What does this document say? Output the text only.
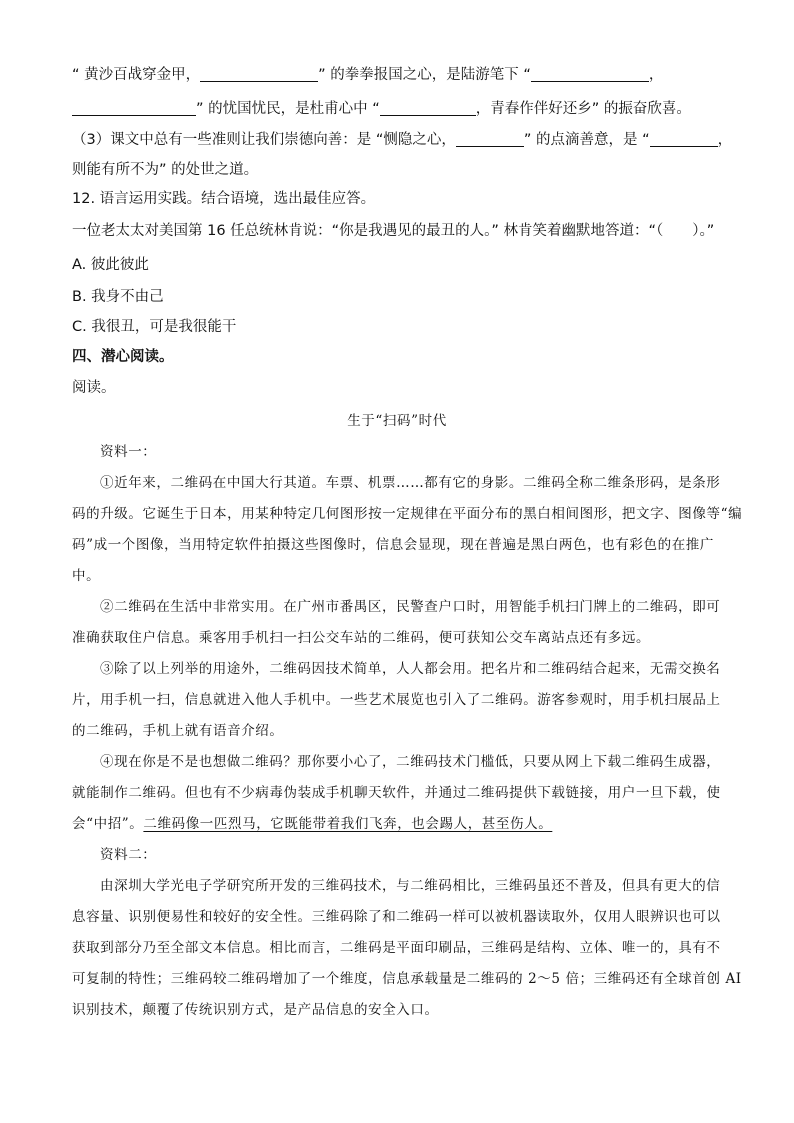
“ 黄沙百战穿金甲，	” 的拳拳报国之心，是陆游笔下 “	，
” 的忧国忧民，是杜甫心中 “	，青春作伴好还乡” 的振奋欣喜。
（3）课文中总有一些准则让我们崇德向善：是 “恻隐之心，	” 的点滴善意，是 “	，
则能有所不为” 的处世之道。
12. 语言运用实践。结合语境，选出最佳应答。
一位老太太对美国第 16 任总统林肯说：“你是我遇见的最丑的人。” 林肯笑着幽默地答道：“（　　）。”
A. 彼此彼此
B. 我身不由己
C. 我很丑，可是我很能干
四、潜心阅读。
阅读。
生于“扫码”时代
资料一：
①近年来，二维码在中国大行其道。车票、机票……都有它的身影。二维码全称二维条形码，是条形
码的升级。它诞生于日本，用某种特定几何图形按一定规律在平面分布的黑白相间图形，把文字、图像等“编
码”成一个图像，当用特定软件拍摄这些图像时，信息会显现，现在普遍是黑白两色，也有彩色的在推广
中。
②二维码在生活中非常实用。在广州市番禺区，民警查户口时，用智能手机扫门牌上的二维码，即可
准确获取住户信息。乘客用手机扫一扫公交车站的二维码，便可获知公交车离站点还有多远。
③除了以上列举的用途外，二维码因技术简单，人人都会用。把名片和二维码结合起来，无需交换名
片，用手机一扫，信息就进入他人手机中。一些艺术展览也引入了二维码。游客参观时，用手机扫展品上
的二维码，手机上就有语音介绍。
④现在你是不是也想做二维码？那你要小心了，二维码技术门槛低，只要从网上下载二维码生成器，
就能制作二维码。但也有不少病毒伪装成手机聊天软件，并通过二维码提供下载链接，用户一旦下载，使
会“中招”。二维码像一匹烈马，它既能带着我们飞奔，也会踢人，甚至伤人。
资料二：
由深圳大学光电子学研究所开发的三维码技术，与二维码相比，三维码虽还不普及，但具有更大的信
息容量、识别便易性和较好的安全性。三维码除了和二维码一样可以被机器读取外，仅用人眼辨识也可以
获取到部分乃至全部文本信息。相比而言，二维码是平面印刷品，三维码是结构、立体、唯一的，具有不
可复制的特性；三维码较二维码增加了一个维度，信息承载量是二维码的 2～5 倍；三维码还有全球首创 AI
识别技术，颠覆了传统识别方式，是产品信息的安全入口。
